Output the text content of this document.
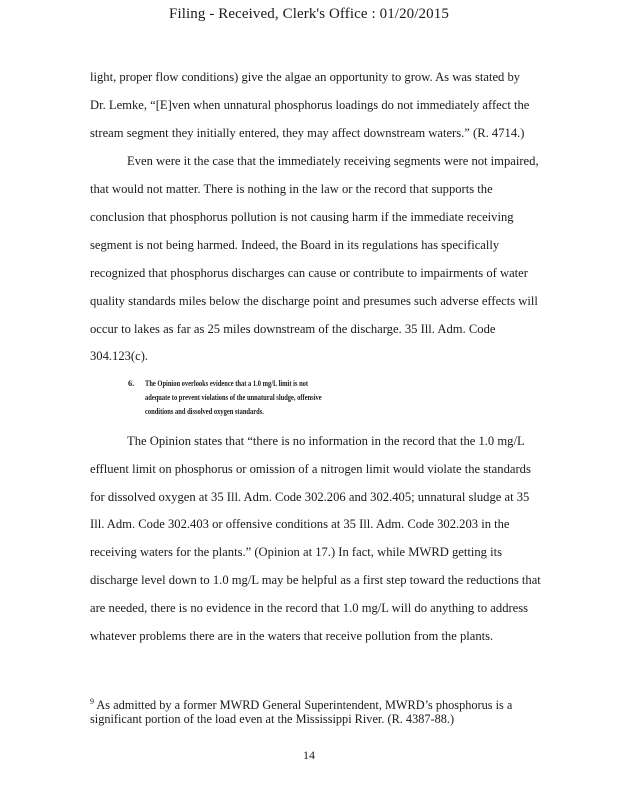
Filing - Received, Clerk's Office : 01/20/2015
light, proper flow conditions) give the algae an opportunity to grow. As was stated by
Dr. Lemke, “[E]ven when unnatural phosphorus loadings do not immediately affect the
stream segment they initially entered, they may affect downstream waters.” (R. 4714.)
Even were it the case that the immediately receiving segments were not impaired,
that would not matter. There is nothing in the law or the record that supports the
conclusion that phosphorus pollution is not causing harm if the immediate receiving
segment is not being harmed. Indeed, the Board in its regulations has specifically
recognized that phosphorus discharges can cause or contribute to impairments of water
quality standards miles below the discharge point and presumes such adverse effects will
occur to lakes as far as 25 miles downstream of the discharge. 35 Ill. Adm. Code
304.123(c).
6. The Opinion overlooks evidence that a 1.0 mg/L limit is not
adequate to prevent violations of the unnatural sludge, offensive
conditions and dissolved oxygen standards.
The Opinion states that “there is no information in the record that the 1.0 mg/L
effluent limit on phosphorus or omission of a nitrogen limit would violate the standards
for dissolved oxygen at 35 Ill. Adm. Code 302.206 and 302.405; unnatural sludge at 35
Ill. Adm. Code 302.403 or offensive conditions at 35 Ill. Adm. Code 302.203 in the
receiving waters for the plants.” (Opinion at 17.) In fact, while MWRD getting its
discharge level down to 1.0 mg/L may be helpful as a first step toward the reductions that
are needed, there is no evidence in the record that 1.0 mg/L will do anything to address
whatever problems there are in the waters that receive pollution from the plants.
$^9$ As admitted by a former MWRD General Superintendent, MWRD’s phosphorus is a
significant portion of the load even at the Mississippi River. (R. 4387-88.)
14
